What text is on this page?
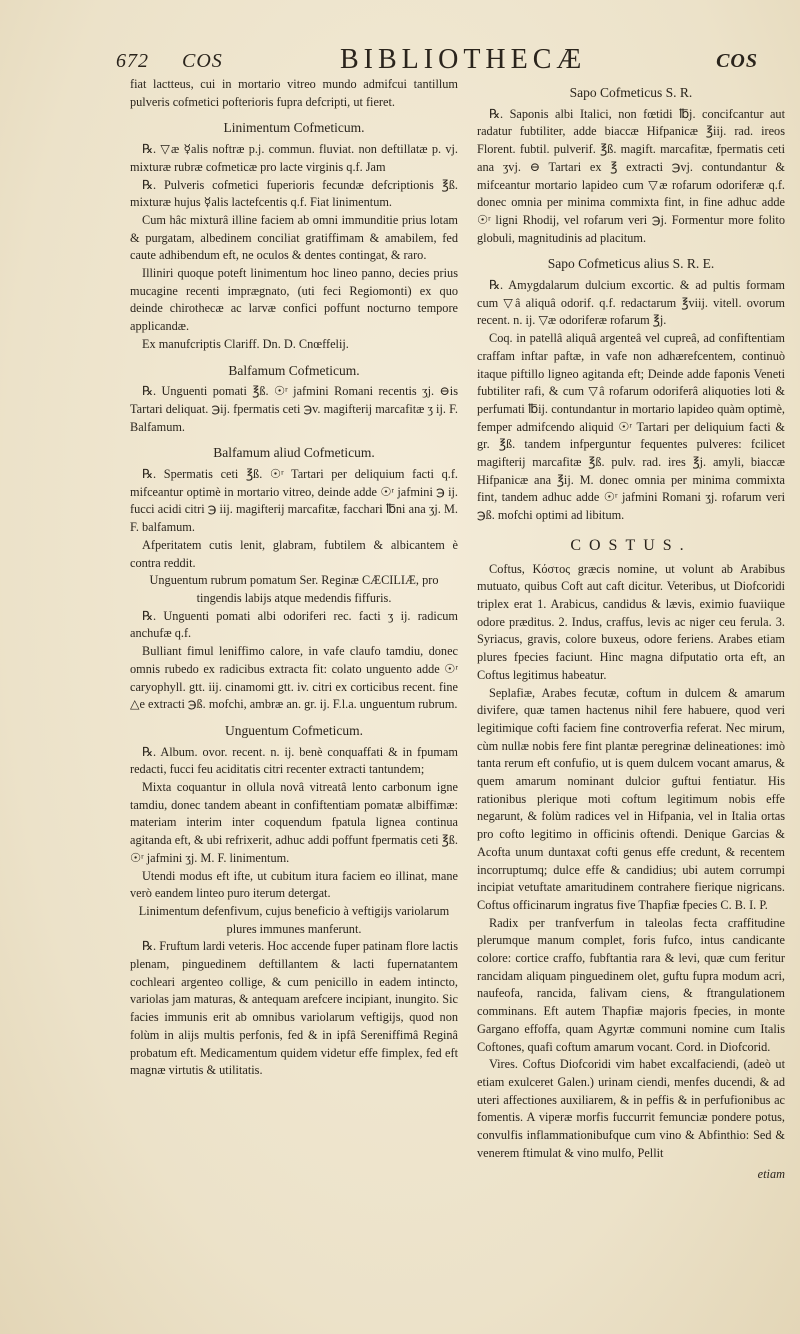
672 COS	BIBLIOTHECÆ	COS

fiat lactteus, cui in mortario vitreo mundo admifcui tantillum pulveris cofmetici pofterioris fupra defcripti, ut fieret.

Linimentum Cofmeticum.

℞. ▽æ ☿alis noftræ p.j. commun. fluviat. non deftillatæ p. vj. mixturæ rubræ cofmeticæ pro lacte virginis q.f. Jam

℞. Pulveris cofmetici fuperioris fecundæ defcriptionis ℥ß. mixturæ hujus ☿alis lactefcentis q.f. Fiat linimentum.

Cum hâc mixturâ illine faciem ab omni immunditie prius lotam & purgatam, albedinem conciliat gratiffimam & amabilem, fed caute adhibendum eft, ne oculos & dentes contingat, & raro.

Illiniri quoque poteft linimentum hoc lineo panno, decies prius mucagine recenti imprægnato, (uti feci Regiomonti) ex quo deinde chirothecæ ac larvæ confici poffunt nocturno tempore applicandæ.

Ex manufcriptis Clariff. Dn. D. Cnœffelij.

Balfamum Cofmeticum.

℞. Unguenti pomati ℥ß. ☉ʳ jafmini Romani recentis ʒj. ⊖is Tartari deliquat. ℈ij. fpermatis ceti ℈v. magifterij marcafitæ ʒ ij. F. Balfamum.

Balfamum aliud Cofmeticum.

℞. Spermatis ceti ℥ß. ☉ʳ Tartari per deliquium facti q.f. mifceantur optimè in mortario vitreo, deinde adde ☉ʳ jafmini ℈ ij. fucci acidi citri ℈ iij. magifterij marcafitæ, facchari ℔ni ana ʒj. M. F. balfamum.

Afperitatem cutis lenit, glabram, fubtilem & albicantem è contra reddit.

Unguentum rubrum pomatum Ser. Reginæ CÆCILIÆ, pro tingendis labijs atque medendis fiffuris.

℞. Unguenti pomati albi odoriferi rec. facti ʒ ij. radicum anchufæ q.f.

Bulliant fimul leniffimo calore, in vafe claufo tamdiu, donec omnis rubedo ex radicibus extracta fit: colato unguento adde ☉ʳ caryophyll. gtt. iij. cinamomi gtt. iv. citri ex corticibus recent. fine △e extracti ℈ß. mofchi, ambræ an. gr. ij. F.l.a. unguentum rubrum.

Unguentum Cofmeticum.

℞. Album. ovor. recent. n. ij. benè conquaffati & in fpumam redacti, fucci feu aciditatis citri recenter extracti tantundem;

Mixta coquantur in ollula novâ vitreatâ lento carbonum igne tamdiu, donec tandem abeant in confiftentiam pomatæ albiffimæ: materiam interim inter coquendum fpatula lignea continua agitanda eft, & ubi refrixerit, adhuc addi poffunt fpermatis ceti ℥ß. ☉ʳ jafmini ʒj. M. F. linimentum.

Utendi modus eft ifte, ut cubitum itura faciem eo illinat, mane verò eandem linteo puro iterum detergat.

Linimentum defenfivum, cujus beneficio à veftigijs variolarum plures immunes manferunt.

℞. Fruftum lardi veteris. Hoc accende fuper patinam flore lactis plenam, pinguedinem deftillantem & lacti fupernatantem cochleari argenteo collige, & cum penicillo in eadem intincto, variolas jam maturas, & antequam arefcere incipiant, inungito. Sic facies immunis erit ab omnibus variolarum veftigijs, quod non folùm in alijs multis perfonis, fed & in ipfâ Sereniffimâ Reginâ probatum eft. Medicamentum quidem videtur effe fimplex, fed eft magnæ virtutis & utilitatis.

Sapo Cofmeticus S. R.

℞. Saponis albi Italici, non fœtidi ℔j. concifcantur aut radatur fubtiliter, adde biaccæ Hifpanicæ ℥iij. rad. ireos Florent. fubtil. pulverif. ℥ß. magift. marcafitæ, fpermatis ceti ana ʒvj. ⊖ Tartari ex ℥ extracti ℈vj. contundantur & mifceantur mortario lapideo cum ▽æ rofarum odoriferæ q.f. donec omnia per minima commixta fint, in fine adhuc adde ☉ʳ ligni Rhodij, vel rofarum veri ℈j. Formentur more folito globuli, magnitudinis ad placitum.

Sapo Cofmeticus alius S. R. E.

℞. Amygdalarum dulcium excortic. & ad pultis formam cum ▽â aliquâ odorif. q.f. redactarum ℥viij. vitell. ovorum recent. n. ij. ▽æ odoriferæ rofarum ℥j.

Coq. in patellâ aliquâ argenteâ vel cupreâ, ad confiftentiam craffam inftar paftæ, in vafe non adhærefcentem, continuò itaque piftillo ligneo agitanda eft; Deinde adde faponis Veneti fubtiliter rafi, & cum ▽â rofarum odoriferâ aliquoties loti & perfumati ℔ij. contundantur in mortario lapideo quàm optimè, femper admifcendo aliquid ☉ʳ Tartari per deliquium facti & gr. ℥ß. tandem infperguntur fequentes pulveres: fcilicet magifterij marcafitæ ℥ß. pulv. rad. ires ℥j. amyli, biaccæ Hifpanicæ ana ℥ij. M. donec omnia per minima commixta fint, tandem adhuc adde ☉ʳ jafmini Romani ʒj. rofarum veri ℈ß. mofchi optimi ad libitum.

COSTUS.

Coftus, Κόστος græcis nomine, ut volunt ab Arabibus mutuato, quibus Coft aut caft dicitur. Veteribus, ut Diofcoridi triplex erat 1. Arabicus, candidus & lævis, eximio fuaviique odore præditus. 2. Indus, craffus, levis ac niger ceu ferula. 3. Syriacus, gravis, colore buxeus, odore feriens. Arabes etiam plures fpecies faciunt. Hinc magna difputatio orta eft, an Coftus legitimus habeatur.

Seplafiæ, Arabes fecutæ, coftum in dulcem & amarum divifere, quæ tamen hactenus nihil fere habuere, quod veri legitimique cofti faciem fine controverfia referat. Nec mirum, cùm nullæ nobis fere fint plantæ peregrinæ delineationes: imò tanta rerum eft confufio, ut is quem dulcem vocant amarus, & quem amarum nominant dulcior guftui fentiatur. His rationibus plerique moti coftum legitimum nobis effe negarunt, & folùm radices vel in Hifpania, vel in Italia ortas pro cofto legitimo in officinis oftendi. Denique Garcias & Acofta unum duntaxat cofti genus effe credunt, & recentem incorruptumq; dulce effe & candidius; ubi autem corrumpi incipiat vetuftate amaritudinem contrahere fierique nigricans. Coftus officinarum ingratus five Thapfiæ fpecies C. B. I. P.

Radix per tranfverfum in taleolas fecta craffitudine plerumque manum complet, foris fufco, intus candicante colore: cortice craffo, fubftantia rara & levi, quæ cum feritur rancidam aliquam pinguedinem olet, guftu fupra modum acri, naufeofa, rancida, falivam ciens, & ftrangulationem comminans. Eft autem Thapfiæ majoris fpecies, in monte Gargano effoffa, quam Agyrtæ communi nomine cum Italis Coftones, quafi coftum amarum vocant. Cord. in Diofcorid.

Vires. Coftus Diofcoridi vim habet excalfaciendi, (adeò ut etiam exulceret Galen.) urinam ciendi, menfes ducendi, & ad uteri affectiones auxiliarem, & in peffis & in perfufionibus ac fomentis. A viperæ morfis fuccurrit femunciæ pondere potus, convulfis inflammationibufque cum vino & Abfinthio: Sed & venerem ftimulat & vino mulfo, Pellit

etiam
